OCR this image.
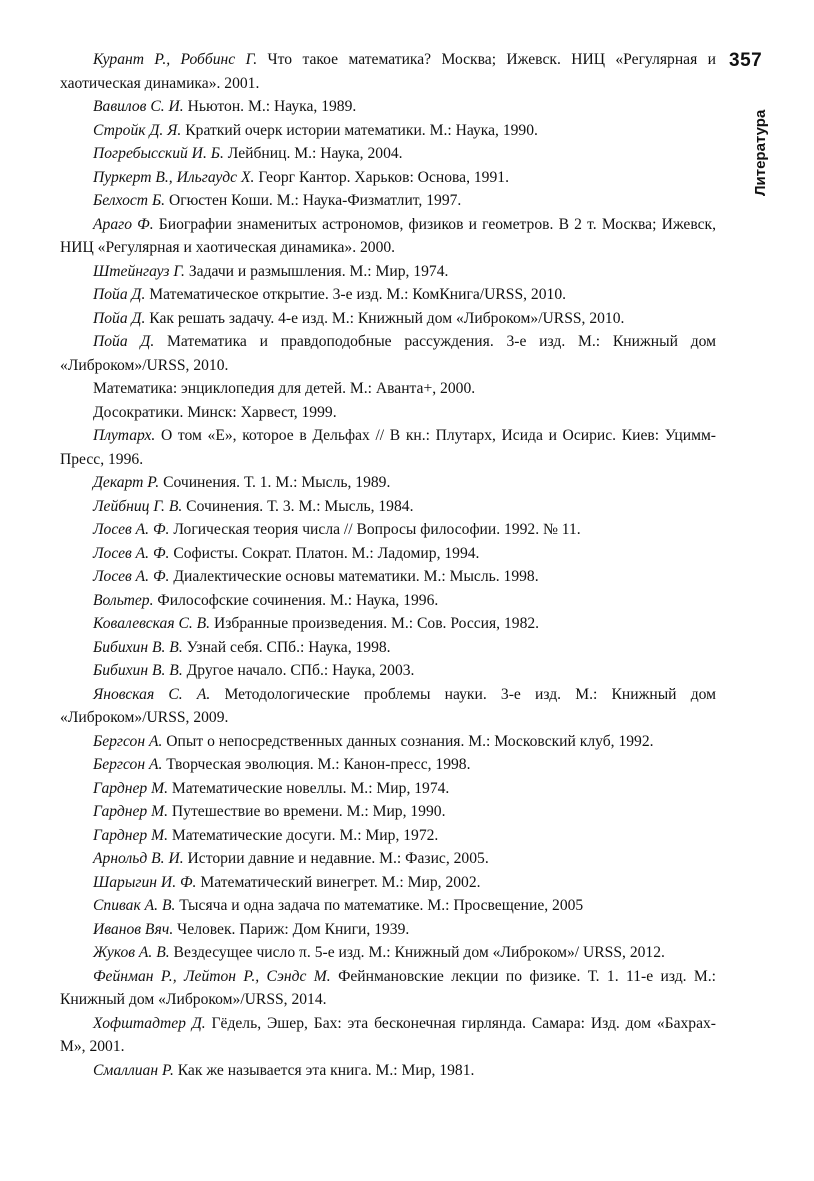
357
Литература

Курант Р., Роббинс Г. Что такое математика? Москва; Ижевск. НИЦ «Регулярная и хаотическая динамика». 2001.

Вавилов С. И. Ньютон. М.: Наука, 1989.

Стройк Д. Я. Краткий очерк истории математики. М.: Наука, 1990.

Погребысский И. Б. Лейбниц. М.: Наука, 2004.

Пуркерт В., Ильгаудс Х. Георг Кантор. Харьков: Основа, 1991.

Белхост Б. Огюстен Коши. М.: Наука-Физматлит, 1997.

Араго Ф. Биографии знаменитых астрономов, физиков и геометров. В 2 т. Москва; Ижевск, НИЦ «Регулярная и хаотическая динамика». 2000.

Штейнгауз Г. Задачи и размышления. М.: Мир, 1974.

Пойа Д. Математическое открытие. 3-е изд. М.: КомКнига/URSS, 2010.

Пойа Д. Как решать задачу. 4-е изд. М.: Книжный дом «Либроком»/URSS, 2010.

Пойа Д. Математика и правдоподобные рассуждения. 3-е изд. М.: Книжный дом «Либроком»/URSS, 2010.

Математика: энциклопедия для детей. М.: Аванта+, 2000.

Досократики. Минск: Харвест, 1999.

Плутарх. О том «Е», которое в Дельфах // В кн.: Плутарх, Исида и Осирис. Киев: Уцимм-Пресс, 1996.

Декарт Р. Сочинения. Т. 1. М.: Мысль, 1989.

Лейбниц Г. В. Сочинения. Т. 3. М.: Мысль, 1984.

Лосев А. Ф. Логическая теория числа // Вопросы философии. 1992. № 11.

Лосев А. Ф. Софисты. Сократ. Платон. М.: Ладомир, 1994.

Лосев А. Ф. Диалектические основы математики. М.: Мысль. 1998.

Вольтер. Философские сочинения. М.: Наука, 1996.

Ковалевская С. В. Избранные произведения. М.: Сов. Россия, 1982.

Бибихин В. В. Узнай себя. СПб.: Наука, 1998.

Бибихин В. В. Другое начало. СПб.: Наука, 2003.

Яновская С. А. Методологические проблемы науки. 3-е изд. М.: Книжный дом «Либроком»/URSS, 2009.

Бергсон А. Опыт о непосредственных данных сознания. М.: Московский клуб, 1992.

Бергсон А. Творческая эволюция. М.: Канон-пресс, 1998.

Гарднер М. Математические новеллы. М.: Мир, 1974.

Гарднер М. Путешествие во времени. М.: Мир, 1990.

Гарднер М. Математические досуги. М.: Мир, 1972.

Арнольд В. И. Истории давние и недавние. М.: Фазис, 2005.

Шарыгин И. Ф. Математический винегрет. М.: Мир, 2002.

Спивак А. В. Тысяча и одна задача по математике. М.: Просвещение, 2005

Иванов Вяч. Человек. Париж: Дом Книги, 1939.

Жуков А. В. Вездесущее число π. 5-е изд. М.: Книжный дом «Либроком»/ URSS, 2012.

Фейнман Р., Лейтон Р., Сэндс М. Фейнмановские лекции по физике. Т. 1. 11-е изд. М.: Книжный дом «Либроком»/URSS, 2014.

Хофштадтер Д. Гёдель, Эшер, Бах: эта бесконечная гирлянда. Самара: Изд. дом «Бахрах-М», 2001.

Смаллиан Р. Как же называется эта книга. М.: Мир, 1981.
